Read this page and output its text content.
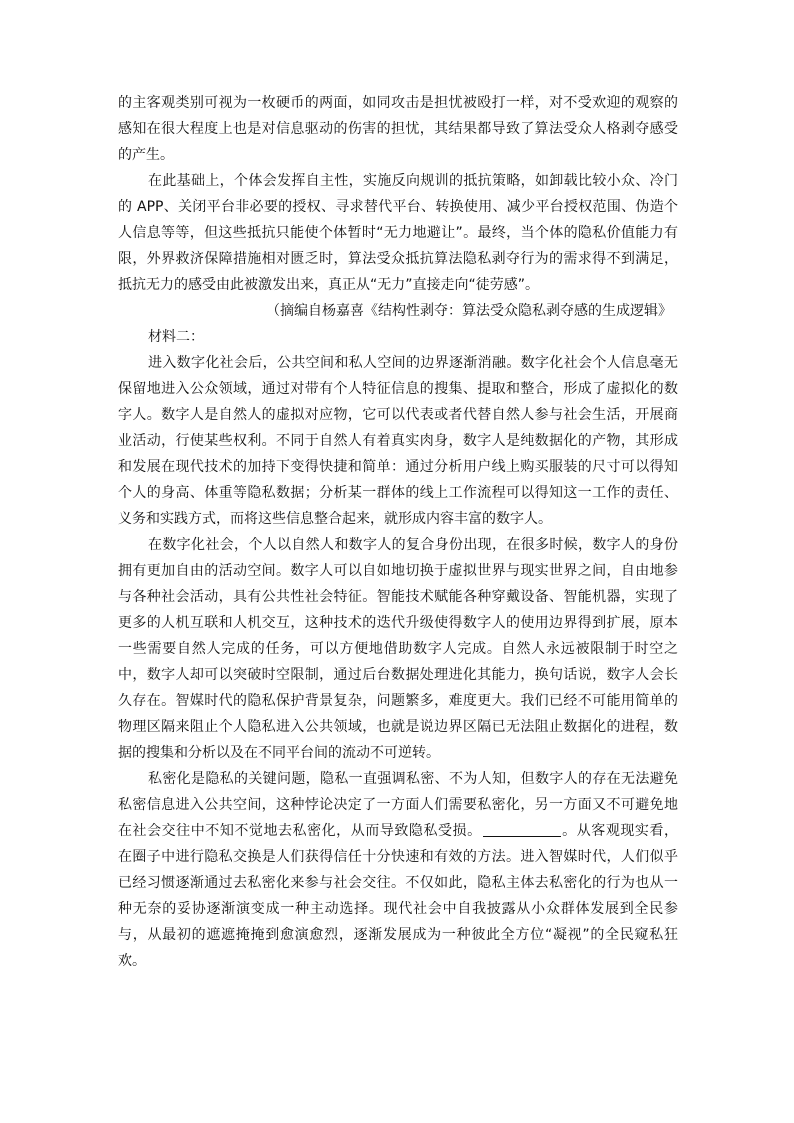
的主客观类别可视为一枚硬币的两面，如同攻击是担忧被殴打一样，对不受欢迎的观察的
感知在很大程度上也是对信息驱动的伤害的担忧，其结果都导致了算法受众人格剥夺感受
的产生。
在此基础上，个体会发挥自主性，实施反向规训的抵抗策略，如卸载比较小众、冷门
的 APP、关闭平台非必要的授权、寻求替代平台、转换使用、减少平台授权范围、伪造个
人信息等等，但这些抵抗只能使个体暂时“无力地避让”。最终，当个体的隐私价值能力有
限，外界救济保障措施相对匮乏时，算法受众抵抗算法隐私剥夺行为的需求得不到满足，
抵抗无力的感受由此被激发出来，真正从“无力”直接走向“徒劳感”。
（摘编自杨嘉喜《结构性剥夺：算法受众隐私剥夺感的生成逻辑》
材料二：
进入数字化社会后，公共空间和私人空间的边界逐渐消融。数字化社会个人信息毫无
保留地进入公众领域，通过对带有个人特征信息的搜集、提取和整合，形成了虚拟化的数
字人。数字人是自然人的虚拟对应物，它可以代表或者代替自然人参与社会生活，开展商
业活动，行使某些权利。不同于自然人有着真实肉身，数字人是纯数据化的产物，其形成
和发展在现代技术的加持下变得快捷和简单：通过分析用户线上购买服装的尺寸可以得知
个人的身高、体重等隐私数据；分析某一群体的线上工作流程可以得知这一工作的责任、
义务和实践方式，而将这些信息整合起来，就形成内容丰富的数字人。
在数字化社会，个人以自然人和数字人的复合身份出现，在很多时候，数字人的身份
拥有更加自由的活动空间。数字人可以自如地切换于虚拟世界与现实世界之间，自由地参
与各种社会活动，具有公共性社会特征。智能技术赋能各种穿戴设备、智能机器，实现了
更多的人机互联和人机交互，这种技术的迭代升级使得数字人的使用边界得到扩展，原本
一些需要自然人完成的任务，可以方便地借助数字人完成。自然人永远被限制于时空之
中，数字人却可以突破时空限制，通过后台数据处理进化其能力，换句话说，数字人会长
久存在。智媒时代的隐私保护背景复杂，问题繁多，难度更大。我们已经不可能用简单的
物理区隔来阻止个人隐私进入公共领域，也就是说边界区隔已无法阻止数据化的进程，数
据的搜集和分析以及在不同平台间的流动不可逆转。
私密化是隐私的关键问题，隐私一直强调私密、不为人知，但数字人的存在无法避免
私密信息进入公共空间，这种悖论决定了一方面人们需要私密化，另一方面又不可避免地
在社会交往中不知不觉地去私密化，从而导致隐私受损。	。从客观现实看，
在圈子中进行隐私交换是人们获得信任十分快速和有效的方法。进入智媒时代，人们似乎
已经习惯逐渐通过去私密化来参与社会交往。不仅如此，隐私主体去私密化的行为也从一
种无奈的妥协逐渐演变成一种主动选择。现代社会中自我披露从小众群体发展到全民参
与，从最初的遮遮掩掩到愈演愈烈，逐渐发展成为一种彼此全方位“凝视”的全民窥私狂
欢。
